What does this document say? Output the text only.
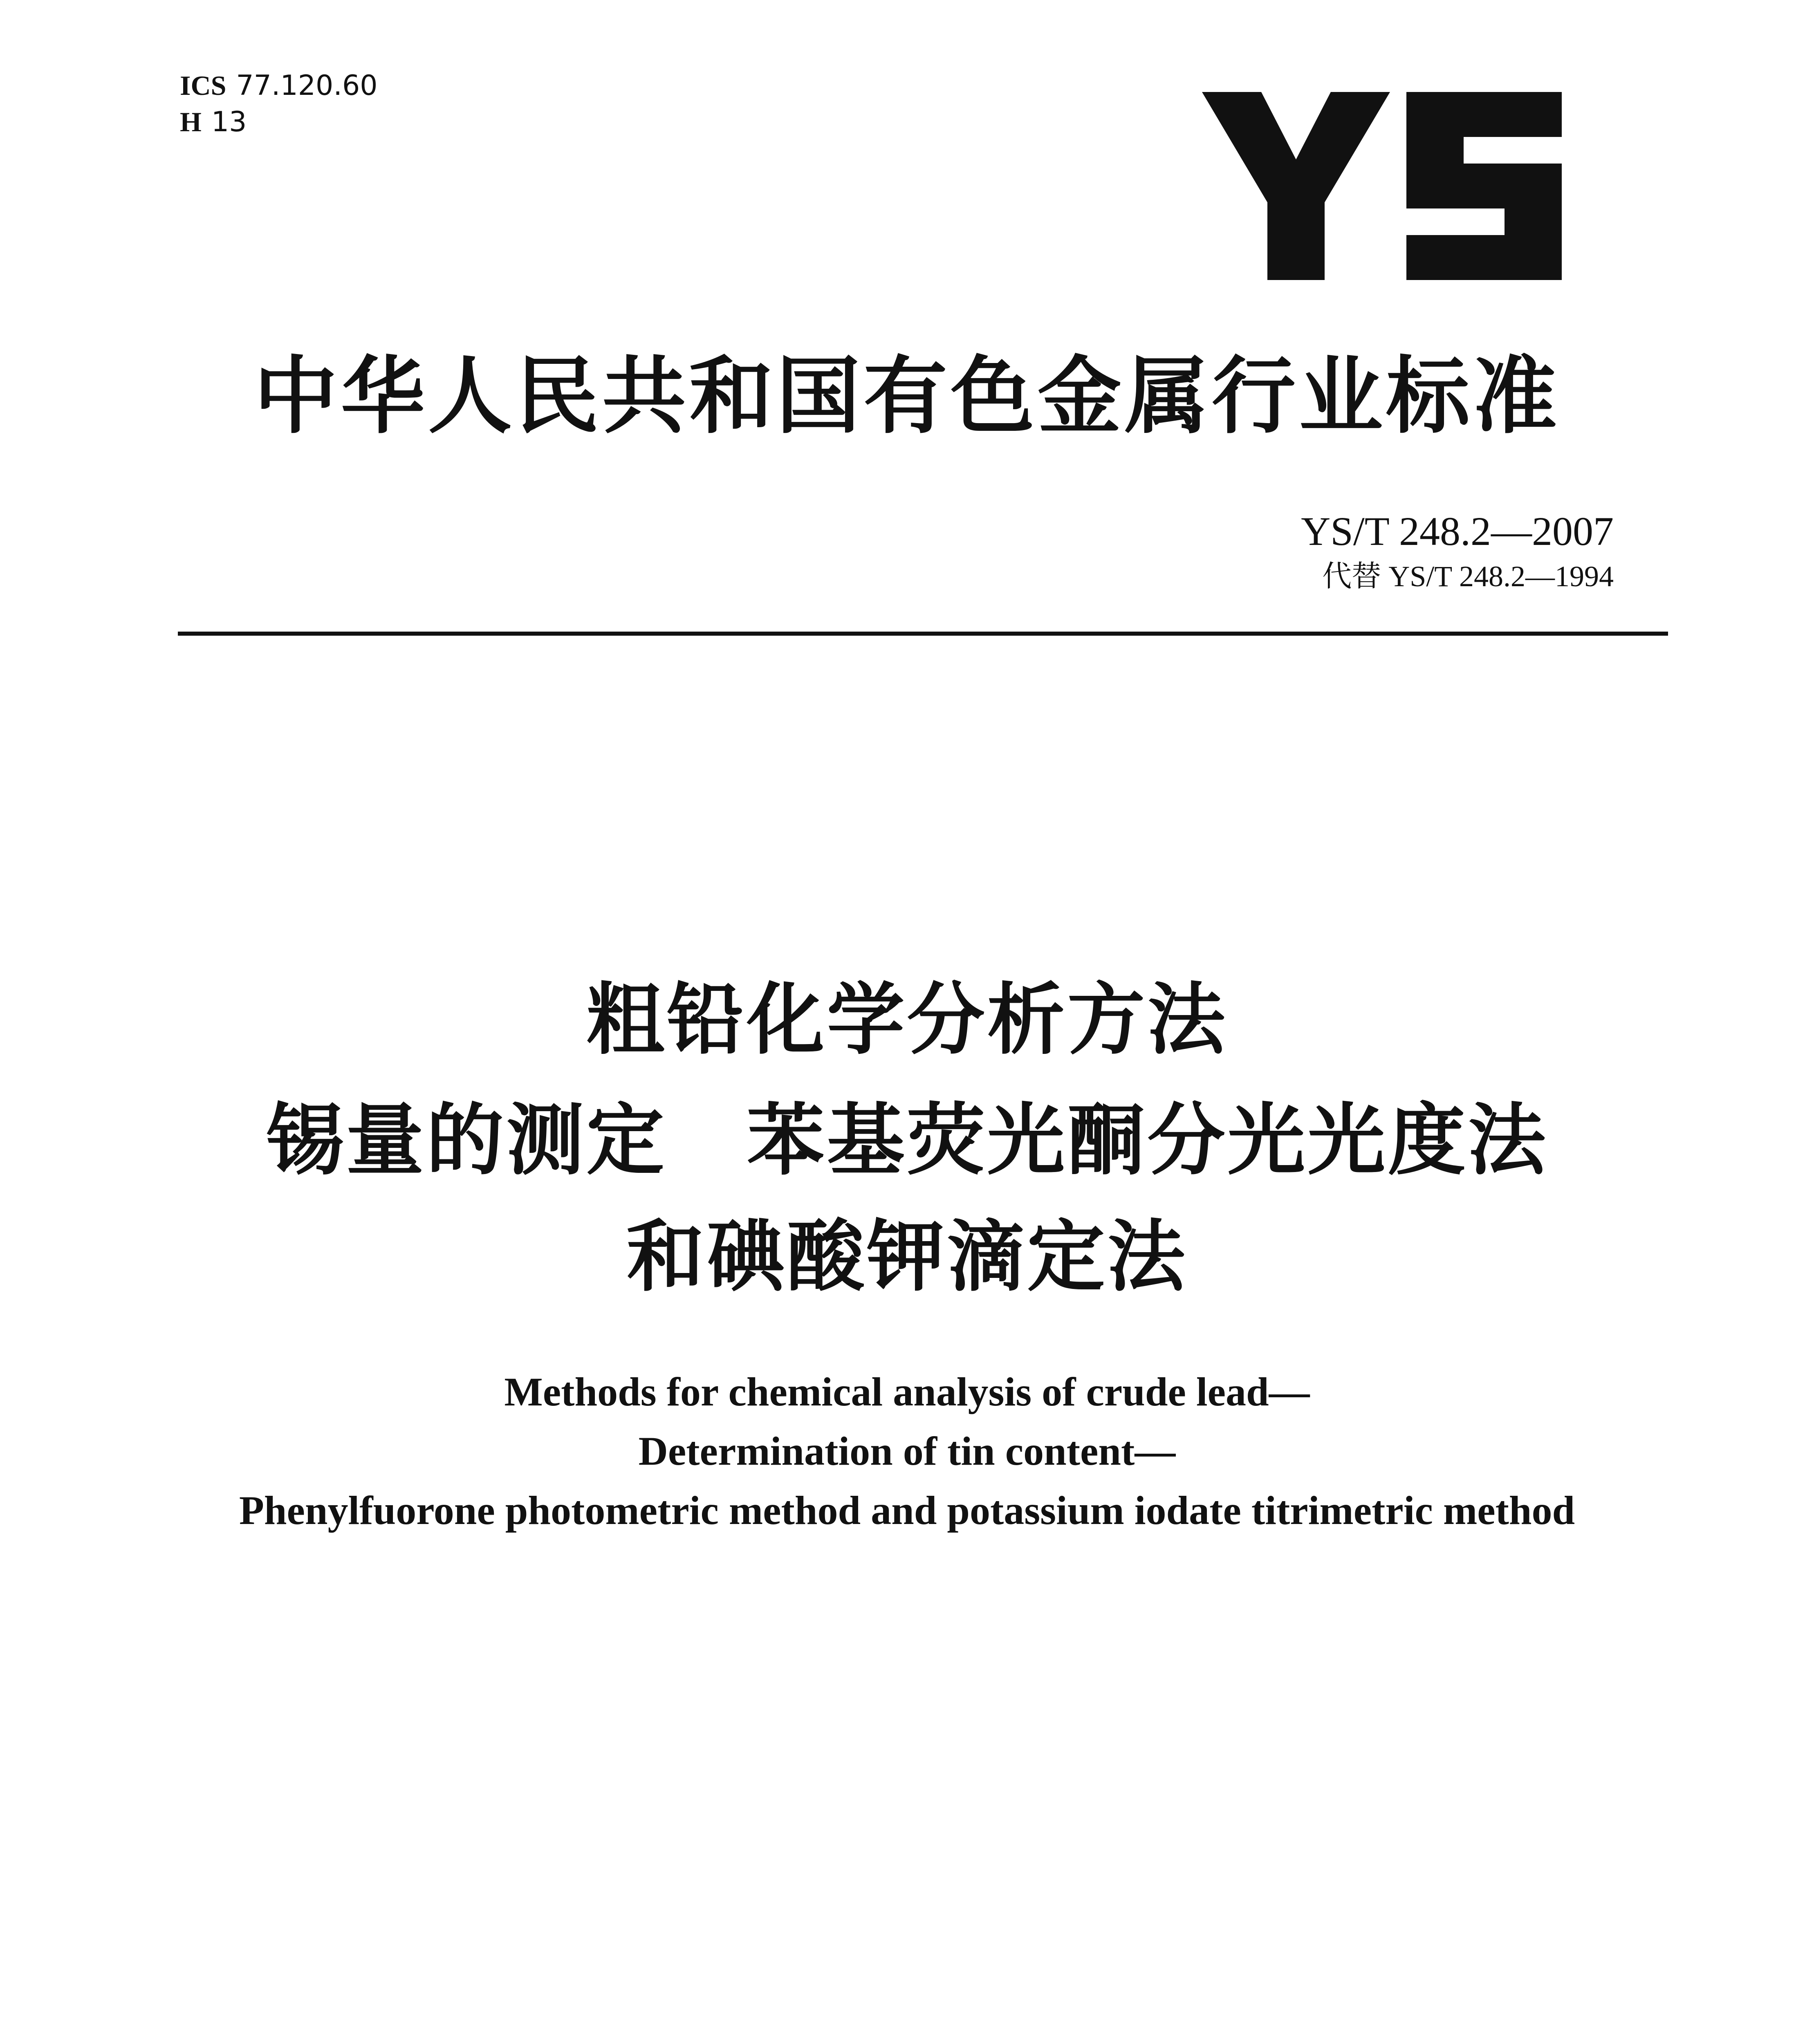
ICS 77.120.60
H 13
中华人民共和国有色金属行业标准
YS/T 248.2—2007
代替 YS/T 248.2—1994
粗铅化学分析方法
锡量的测定　苯基荧光酮分光光度法
和碘酸钾滴定法
Methods for chemical analysis of crude lead—
Determination of tin content—
Phenylfuorone photometric method and potassium iodate titrimetric method
